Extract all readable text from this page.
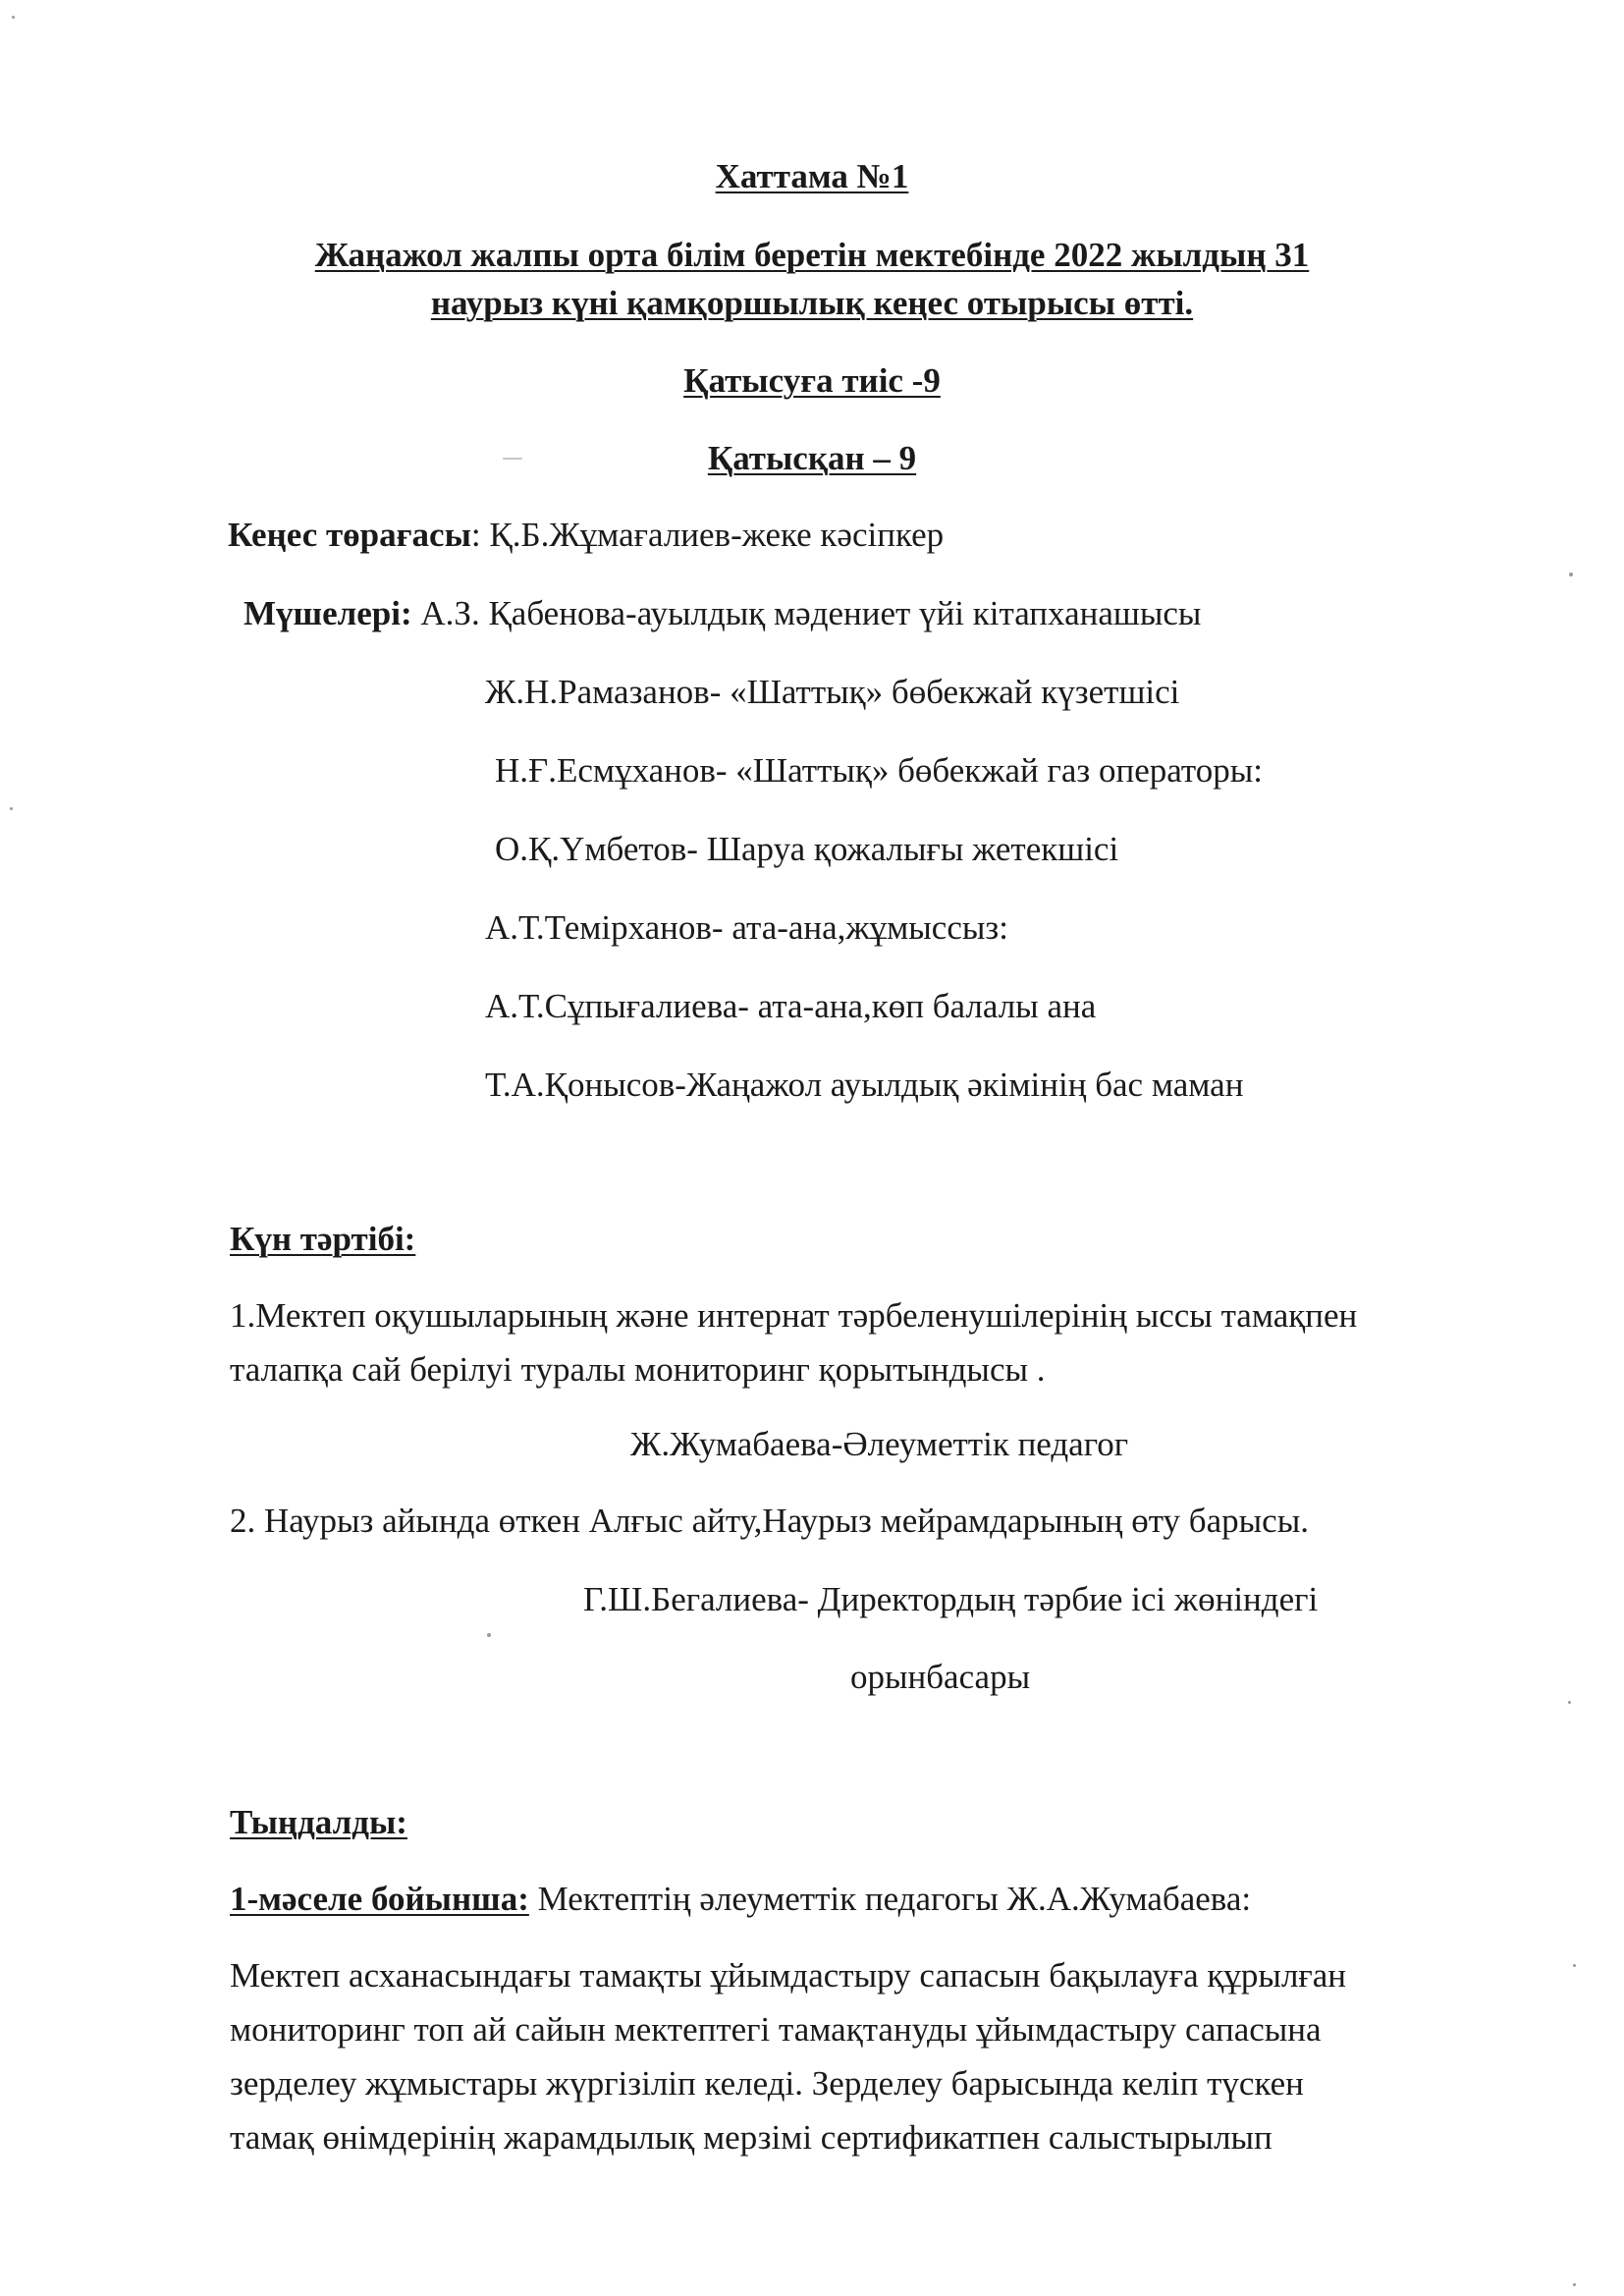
Хаттама №1
Жаңажол жалпы орта білім беретін мектебінде 2022 жылдың 31
наурыз күні қамқоршылық кеңес отырысы өтті.
Қатысуға тиіс -9
Қатысқан – 9
Кеңес төрағасы: Қ.Б.Жұмағалиев-жеке кәсіпкер
Мүшелері: А.З. Қабенова-ауылдық мәдениет үйі кітапханашысы
Ж.Н.Рамазанов- «Шаттық» бөбекжай күзетшісі
Н.Ғ.Есмұханов- «Шаттық» бөбекжай газ операторы:
О.Қ.Үмбетов- Шаруа қожалығы жетекшісі
А.Т.Темірханов- ата-ана,жұмыссыз:
А.Т.Сұпығалиева- ата-ана,көп балалы ана
Т.А.Қонысов-Жаңажол ауылдық әкімінің бас маман
Күн тәртібі:
1.Мектеп оқушыларының және интернат тәрбеленушілерінің ыссы тамақпен
талапқа сай берілуі туралы мониторинг қорытындысы .
Ж.Жумабаева-Әлеуметтік педагог
2. Наурыз айында өткен Алғыс айту,Наурыз мейрамдарының өту барысы.
Г.Ш.Бегалиева- Директордың тәрбие ісі жөніндегі
орынбасары
Тыңдалды:
1-мәселе бойынша: Мектептің әлеуметтік педагогы Ж.А.Жумабаева:
Мектеп асханасындағы тамақты ұйымдастыру сапасын бақылауға құрылған
мониторинг топ ай сайын мектептегі тамақтануды ұйымдастыру сапасына
зерделеу жұмыстары жүргізіліп келеді. Зерделеу барысында келіп түскен
тамақ өнімдерінің жарамдылық мерзімі сертификатпен салыстырылып
